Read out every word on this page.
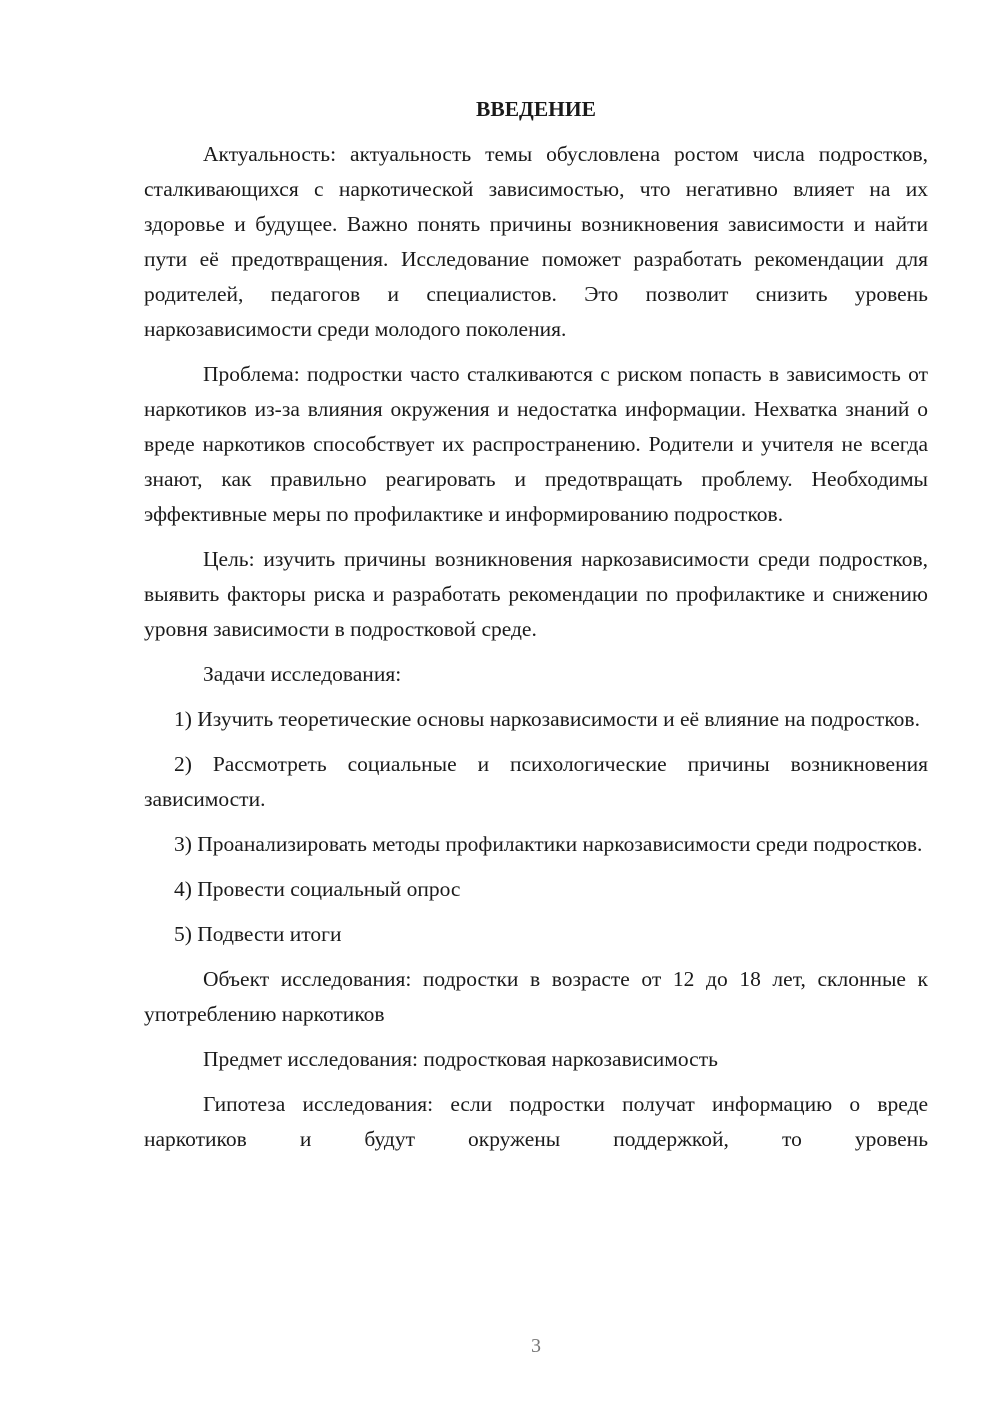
ВВЕДЕНИЕ

Актуальность: актуальность темы обусловлена ростом числа подростков, сталкивающихся с наркотической зависимостью, что негативно влияет на их здоровье и будущее. Важно понять причины возникновения зависимости и найти пути её предотвращения. Исследование поможет разработать рекомендации для родителей, педагогов и специалистов. Это позволит снизить уровень наркозависимости среди молодого поколения.

Проблема: подростки часто сталкиваются с риском попасть в зависимость от наркотиков из-за влияния окружения и недостатка информации. Нехватка знаний о вреде наркотиков способствует их распространению. Родители и учителя не всегда знают, как правильно реагировать и предотвращать проблему. Необходимы эффективные меры по профилактике и информированию подростков.

Цель: изучить причины возникновения наркозависимости среди подростков, выявить факторы риска и разработать рекомендации по профилактике и снижению уровня зависимости в подростковой среде.

Задачи исследования:

1) Изучить теоретические основы наркозависимости и её влияние на подростков.

2) Рассмотреть социальные и психологические причины возникновения зависимости.

3) Проанализировать методы профилактики наркозависимости среди подростков.

4) Провести социальный опрос

5) Подвести итоги

Объект исследования: подростки в возрасте от 12 до 18 лет, склонные к употреблению наркотиков

Предмет исследования: подростковая наркозависимость

Гипотеза исследования: если подростки получат информацию о вреде наркотиков и будут окружены поддержкой, то уровень

3
